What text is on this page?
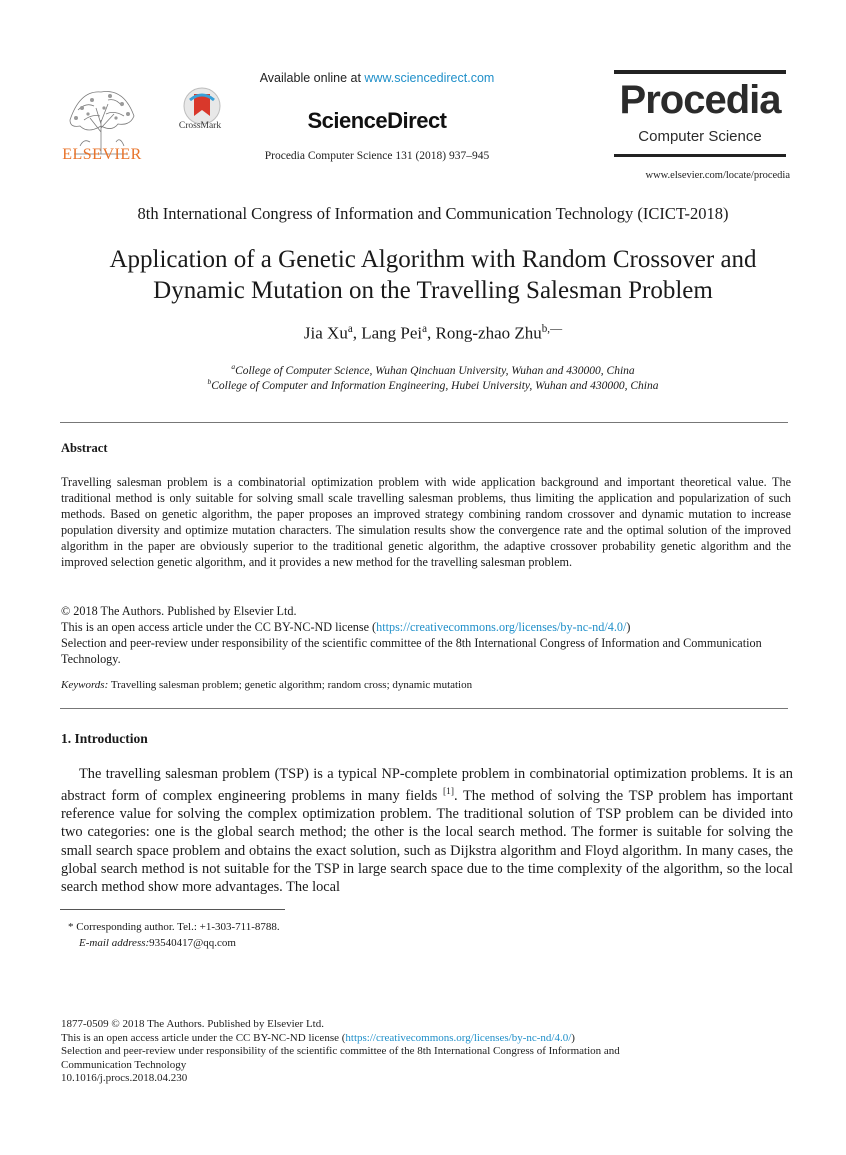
ELSEVIER
CrossMark
Available online at www.sciencedirect.com
ScienceDirect
Procedia Computer Science 131 (2018) 937–945
Procedia
Computer Science
www.elsevier.com/locate/procedia
8th International Congress of Information and Communication Technology (ICICT-2018)
Application of a Genetic Algorithm with Random Crossover and
Dynamic Mutation on the Travelling Salesman Problem
Jia Xu$^a$, Lang Pei$^a$, Rong-zhao Zhu$^{b,—}$
$^a$College of Computer Science, Wuhan Qinchuan University, Wuhan and 430000, China
$^b$College of Computer and Information Engineering, Hubei University, Wuhan and 430000, China
Abstract
Travelling salesman problem is a combinatorial optimization problem with wide application background and important theoretical value. The traditional method is only suitable for solving small scale travelling salesman problems, thus limiting the application and popularization of such methods. Based on genetic algorithm, the paper proposes an improved strategy combining random crossover and dynamic mutation to increase population diversity and optimize mutation characters. The simulation results show the convergence rate and the optimal solution of the improved algorithm in the paper are obviously superior to the traditional genetic algorithm, the adaptive crossover probability genetic algorithm and the improved selection genetic algorithm, and it provides a new method for the travelling salesman problem.
© 2018 The Authors. Published by Elsevier Ltd.
This is an open access article under the CC BY-NC-ND license (https://creativecommons.org/licenses/by-nc-nd/4.0/)
Selection and peer-review under responsibility of the scientific committee of the 8th International Congress of Information and Communication Technology.
Keywords: Travelling salesman problem; genetic algorithm; random cross; dynamic mutation
1. Introduction
The travelling salesman problem (TSP) is a typical NP-complete problem in combinatorial optimization problems. It is an abstract form of complex engineering problems in many fields [1]. The method of solving the TSP problem has important reference value for solving the complex optimization problem. The traditional solution of TSP problem can be divided into two categories: one is the global search method; the other is the local search method. The former is suitable for solving the small search space problem and obtains the exact solution, such as Dijkstra algorithm and Floyd algorithm. In many cases, the global search method is not suitable for the TSP in large search space due to the time complexity of the algorithm, so the local search method show more advantages. The local
* Corresponding author. Tel.: +1-303-711-8788.
E-mail address:93540417@qq.com
1877-0509 © 2018 The Authors. Published by Elsevier Ltd.
This is an open access article under the CC BY-NC-ND license (https://creativecommons.org/licenses/by-nc-nd/4.0/)
Selection and peer-review under responsibility of the scientific committee of the 8th International Congress of Information and
Communication Technology
10.1016/j.procs.2018.04.230
